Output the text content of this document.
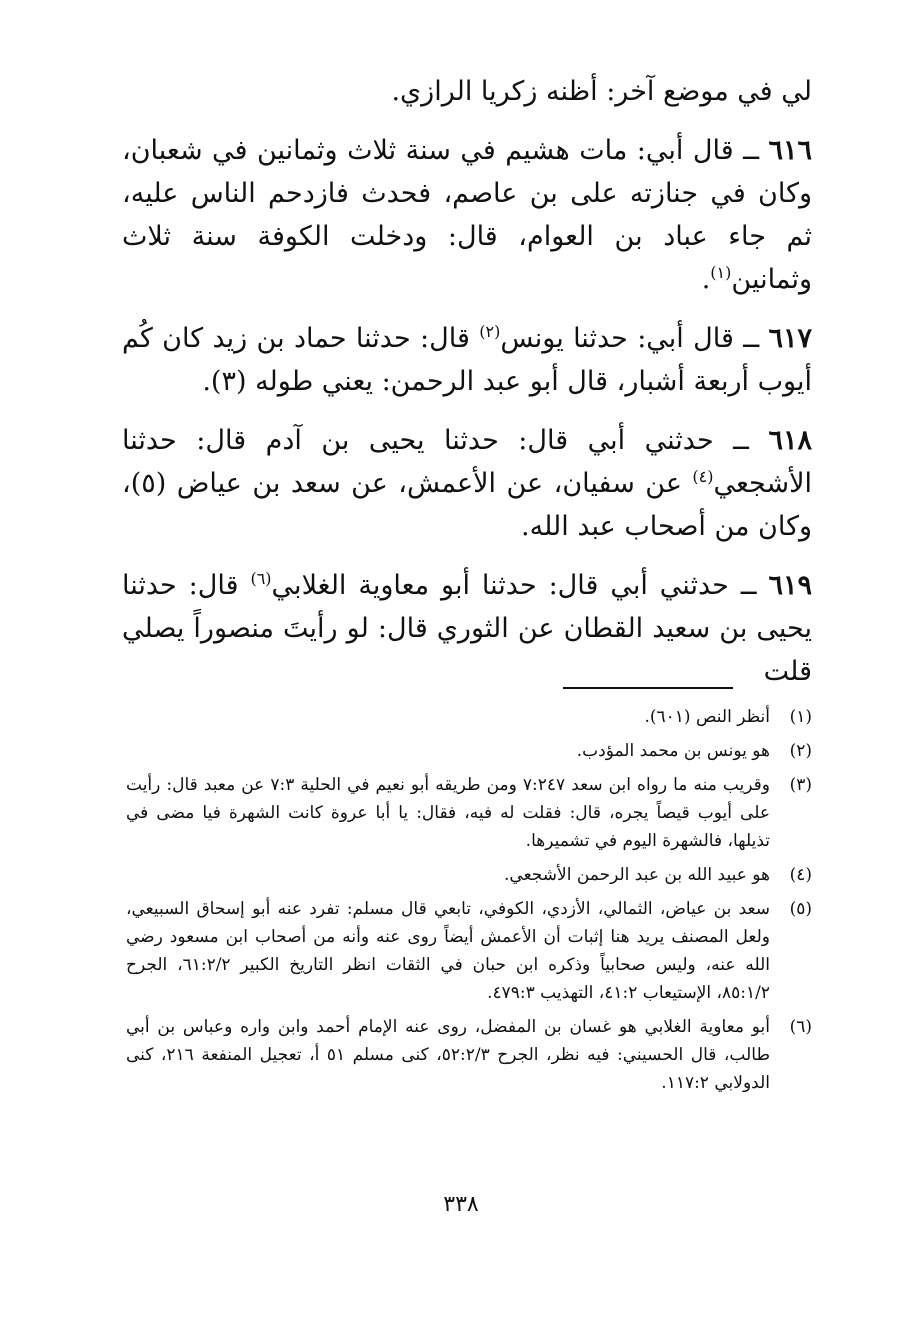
لي في موضع آخر: أظنه زكريا الرازي.

٦١٦ ــ قال أبي: مات هشيم في سنة ثلاث وثمانين في شعبان، وكان في جنازته على بن عاصم، فحدث فازدحم الناس عليه، ثم جاء عباد بن العوام، قال: ودخلت الكوفة سنة ثلاث وثمانين$^{(١)}$.

٦١٧ ــ قال أبي: حدثنا يونس$^{(٢)}$ قال: حدثنا حماد بن زيد كان كُم أيوب أربعة أشبار، قال أبو عبد الرحمن: يعني طوله (٣).

٦١٨ ــ حدثني أبي قال: حدثنا يحيى بن آدم قال: حدثنا الأشجعي$^{(٤)}$ عن سفيان، عن الأعمش، عن سعد بن عياض (٥)، وكان من أصحاب عبد الله.

٦١٩ ــ حدثني أبي قال: حدثنا أبو معاوية الغلابي$^{(٦)}$ قال: حدثنا يحيى بن سعيد القطان عن الثوري قال: لو رأيتَ منصوراً يصلي قلت

(١)
أنظر النص (٦٠١).
(٢)
هو يونس بن محمد المؤدب.
(٣)
وقريب منه ما رواه ابن سعد ٧:٢٤٧ ومن طريقه أبو نعيم في الحلية ٧:٣ عن معبد قال: رأيت على أيوب قيصاً يجره، قال: فقلت له فيه، فقال: يا أبا عروة كانت الشهرة فيا مضى في تذيلها، فالشهرة اليوم في تشميرها.
(٤)
هو عبيد الله بن عبد الرحمن الأشجعي.
(٥)
سعد بن عياض، الثمالي، الأزدي، الكوفي، تابعي قال مسلم: تفرد عنه أبو إسحاق السبيعي، ولعل المصنف يريد هنا إثبات أن الأعمش أيضاً روى عنه وأنه من أصحاب ابن مسعود رضي الله عنه، وليس صحابياً وذكره ابن حبان في الثقات انظر التاريخ الكبير ٦١:٢/٢، الجرح ٨٥:١/٢، الإستيعاب ٤١:٢، التهذيب ٤٧٩:٣.
(٦)
أبو معاوية الغلابي هو غسان بن المفضل، روى عنه الإمام أحمد وابن واره وعباس بن أبي طالب، قال الحسيني: فيه نظر، الجرح ٥٢:٢/٣، كنى مسلم ٥١ أ، تعجيل المنفعة ٢١٦، كنى الدولابي ١١٧:٢.
٣٣٨
